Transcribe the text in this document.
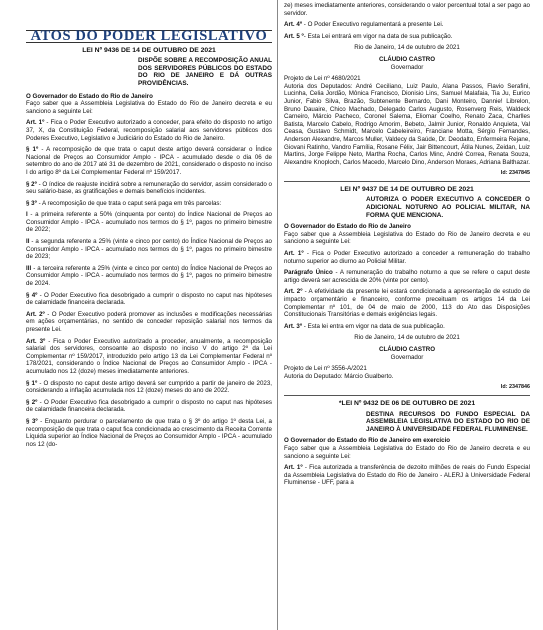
ATOS DO PODER LEGISLATIVO
LEI Nº 9436 DE 14 DE OUTUBRO DE 2021
DISPÕE SOBRE A RECOMPOSIÇÃO ANUAL DOS SERVIDORES PÚBLICOS DO ESTADO DO RIO DE JANEIRO E DÁ OUTRAS PROVIDÊNCIAS.

O Governador do Estado do Rio de Janeiro
Faço saber que a Assembleia Legislativa do Estado do Rio de Janeiro decreta e eu sanciono a seguinte Lei:

Art. 1º - Fica o Poder Executivo autorizado a conceder, para efeito do disposto no artigo 37, X, da Constituição Federal, recomposição salarial aos servidores públicos dos Poderes Executivo, Legislativo e Judiciário do Estado do Rio de Janeiro.

§ 1º - A recomposição de que trata o caput deste artigo deverá considerar o Índice Nacional de Preços ao Consumidor Amplo - IPCA - acumulado desde o dia 06 de setembro do ano de 2017 até 31 de dezembro de 2021, considerado o disposto no inciso I do artigo 8º da Lei Complementar Federal nº 159/2017.

§ 2º - O índice de reajuste incidirá sobre a remuneração do servidor, assim considerado o seu salário-base, as gratificações e demais benefícios incidentes.

§ 3º - A recomposição de que trata o caput será paga em três parcelas:

I - a primeira referente a 50% (cinquenta por cento) do Índice Nacional de Preços ao Consumidor Amplo - IPCA - acumulado nos termos do § 1º, pagos no primeiro bimestre de 2022;

II - a segunda referente a 25% (vinte e cinco por cento) do Índice Nacional de Preços ao Consumidor Amplo - IPCA - acumulado nos termos do § 1º, pagos no primeiro bimestre de 2023;

III - a terceira referente a 25% (vinte e cinco por cento) do Índice Nacional de Preços ao Consumidor Amplo - IPCA - acumulado nos termos do § 1º, pagos no primeiro bimestre de 2024.

§ 4º - O Poder Executivo fica desobrigado a cumprir o disposto no caput nas hipóteses de calamidade financeira declarada.

Art. 2º - O Poder Executivo poderá promover as inclusões e modificações necessárias em ações orçamentárias, no sentido de conceder reposição salarial nos termos da presente Lei.

Art. 3º - Fica o Poder Executivo autorizado a proceder, anualmente, a recomposição salarial dos servidores, consoante ao disposto no inciso V do artigo 2º da Lei Complementar nº 159/2017, introduzido pelo artigo 13 da Lei Complementar Federal nº 178/2021, considerando o Índice Nacional de Preços ao Consumidor Amplo - IPCA - acumulado nos 12 (doze) meses imediatamente anteriores.

§ 1º - O disposto no caput deste artigo deverá ser cumprido a partir de janeiro de 2023, considerando a inflação acumulada nos 12 (doze) meses do ano de 2022.

§ 2º - O Poder Executivo fica desobrigado a cumprir o disposto no caput nas hipóteses de calamidade financeira declarada.

§ 3º - Enquanto perdurar o parcelamento de que trata o § 3º do artigo 1º desta Lei, a recomposição de que trata o caput fica condicionada ao crescimento da Receita Corrente Líquida superior ao Índice Nacional de Preços ao Consumidor Amplo - IPCA - acumulado nos 12 (do-

ze) meses imediatamente anteriores, considerando o valor percentual total a ser pago ao servidor.

Art. 4º - O Poder Executivo regulamentará a presente Lei.

Art. 5 º- Esta Lei entrará em vigor na data de sua publicação.

Rio de Janeiro, 14 de outubro de 2021

CLÁUDIO CASTRO

Governador

Projeto de Lei nº 4680/2021

Autoria dos Deputados: André Ceciliano, Luiz Paulo, Alana Passos, Flavio Serafini, Lucinha, Celia Jordão, Mônica Francisco, Dionisio Lins, Samuel Malafaia, Tia Ju, Eurico Junior, Fabio Silva, Brazão, Subtenente Bernardo, Dani Monteiro, Dannie! Librelon, Bruno Dauaire, Chico Machado, Delegado Carlos Augusto, Rosenverg Reis, Waldeck Carneiro, Márcio Pacheco, Coronel Salema, Eliomar Coelho, Renato Zaca, Charlles Batista, Marcelo Cabelo, Rodrigo Amorim, Bebeto, Jalmir Junior, Ronaldo Anquieta, Val Ceasa, Gustavo Schmidt, Marcelo Cabeleireiro, Franciane Motta, Sérgio Fernandes, Anderson Alexandre, Marcos Muller, Valdecy da Saúde, Dr. Deodalto, Enfermeira Rejane, Giovani Ratinho, Vandro Família, Rosane Félix, Jair Bittencourt, Átila Nunes, Zeidan, Luiz Martins, Jorge Felippe Neto, Martha Rocha, Carlos Minc, André Correa, Renata Souza, Alexandre Knoploch, Carlos Macedo, Marcelo Dino, Anderson Moraes, Adriana Balthazar.

Id: 2347845
LEI Nº 9437 DE 14 DE OUTUBRO DE 2021
AUTORIZA O PODER EXECUTIVO A CONCEDER O ADICIONAL NOTURNO AO POLICIAL MILITAR, NA FORMA QUE MENCIONA.

O Governador do Estado do Rio de Janeiro
Faço saber que a Assembleia Legislativa do Estado do Rio de Janeiro decreta e eu sanciono a seguinte Lei:

Art. 1º - Fica o Poder Executivo autorizado a conceder a remuneração do trabalho noturno superior ao diurno ao Policial Militar.

Parágrafo Único - A remuneração do trabalho noturno a que se refere o caput deste artigo deverá ser acrescida de 20% (vinte por cento).

Art. 2º - A efetividade da presente lei estará condicionada a apresentação de estudo de impacto orçamentário e financeiro, conforme preceituam os artigos 14 da Lei Complementar nº 101, de 04 de maio de 2000, 113 do Ato das Disposições Constitucionais Transitórias e demais exigências legais.

Art. 3º - Esta lei entra em vigor na data de sua publicação.

Rio de Janeiro, 14 de outubro de 2021

CLÁUDIO CASTRO

Governador

Projeto de Lei nº 3556-A/2021

Autoria do Deputado: Márcio Gualberto.

Id: 2347846
*LEI Nº 9432 DE 06 DE OUTUBRO DE 2021
DESTINA RECURSOS DO FUNDO ESPECIAL DA ASSEMBLEIA LEGISLATIVA DO ESTADO DO RIO DE JANEIRO À UNIVERSIDADE FEDERAL FLUMINENSE.

O Governador do Estado do Rio de Janeiro em exercício
Faço saber que a Assembleia Legislativa do Estado do Rio de Janeiro decreta e eu sanciono a seguinte Lei:

Art. 1º - Fica autorizada a transferência de dezoito milhões de reais do Fundo Especial da Assembleia Legislativa do Estado do Rio de Janeiro - ALERJ à Universidade Federal Fluminense - UFF, para a
